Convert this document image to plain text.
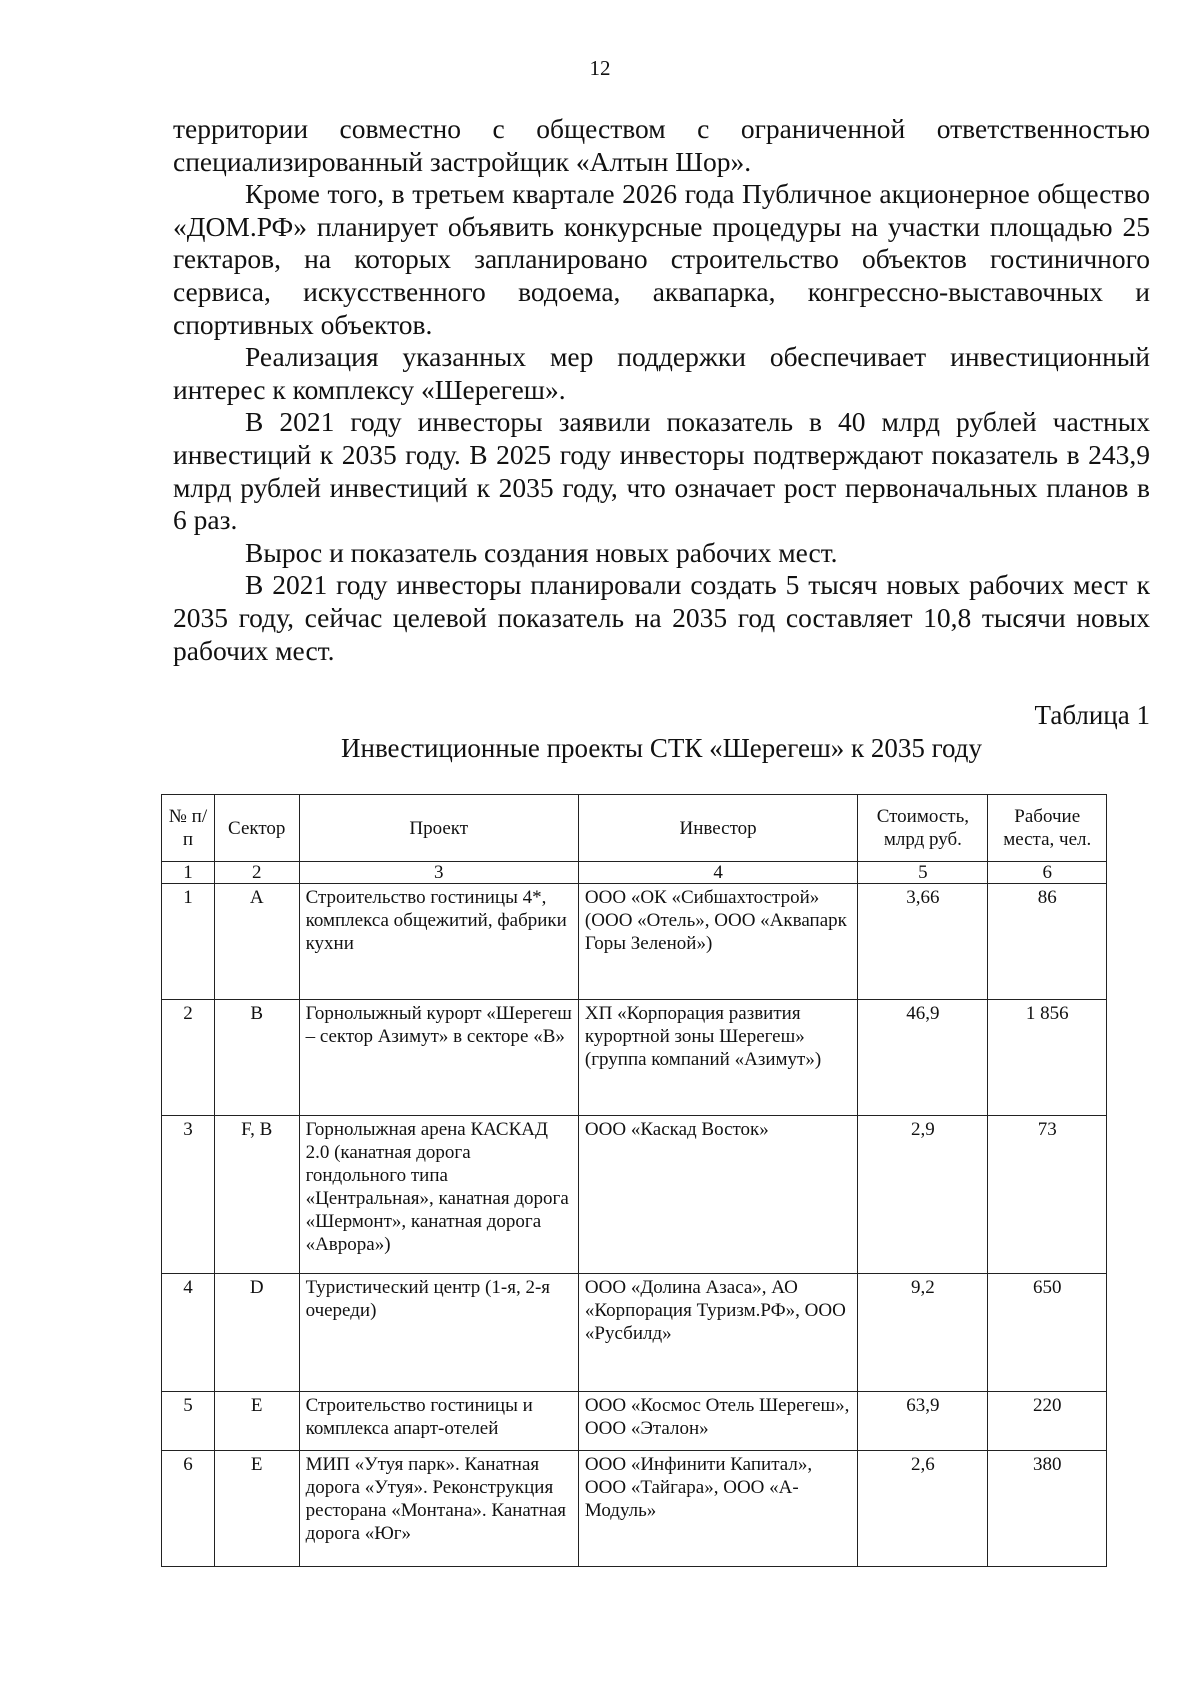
12

территории совместно с обществом с ограниченной ответственностью специализированный застройщик «Алтын Шор».

Кроме того, в третьем квартале 2026 года Публичное акционерное общество «ДОМ.РФ» планирует объявить конкурсные процедуры на участки площадью 25 гектаров, на которых запланировано строительство объектов гостиничного сервиса, искусственного водоема, аквапарка, конгрессно-выставочных и спортивных объектов.

Реализация указанных мер поддержки обеспечивает инвестиционный интерес к комплексу «Шерегеш».

В 2021 году инвесторы заявили показатель в 40 млрд рублей частных инвестиций к 2035 году. В 2025 году инвесторы подтверждают показатель в 243,9 млрд рублей инвестиций к 2035 году, что означает рост первоначальных планов в 6 раз.

Вырос и показатель создания новых рабочих мест.

В 2021 году инвесторы планировали создать 5 тысяч новых рабочих мест к 2035 году, сейчас целевой показатель на 2035 год составляет 10,8 тысячи новых рабочих мест.

Таблица 1
Инвестиционные проекты СТК «Шерегеш» к 2035 году
№ п/п	Сектор	Проект	Инвестор	Стоимость, млрд руб.	Рабочие места, чел.
1	2	3	4	5	6
1	А	Строительство гостиницы 4*, комплекса общежитий, фабрики кухни	ООО «ОК «Сибшахтострой» (ООО «Отель», ООО «Аквапарк Горы Зеленой»)	3,66	86
2	В	Горнолыжный курорт «Шерегеш – сектор Азимут» в секторе «В»	ХП «Корпорация развития курортной зоны Шерегеш» (группа компаний «Азимут»)	46,9	1 856
3	F, B	Горнолыжная арена КАСКАД 2.0 (канатная дорога гондольного типа «Центральная», канатная дорога «Шермонт», канатная дорога «Аврора»)	ООО «Каскад Восток»	2,9	73
4	D	Туристический центр (1-я, 2-я очереди)	ООО «Долина Азаса», АО «Корпорация Туризм.РФ», ООО «Русбилд»	9,2	650
5	Е	Строительство гостиницы и комплекса апарт-отелей	ООО «Космос Отель Шерегеш», ООО «Эталон»	63,9	220
6	Е	МИП «Утуя парк». Канатная дорога «Утуя». Реконструкция ресторана «Монтана». Канатная дорога «Юг»	ООО «Инфинити Капитал», ООО «Тайгара», ООО «А-Модуль»	2,6	380
